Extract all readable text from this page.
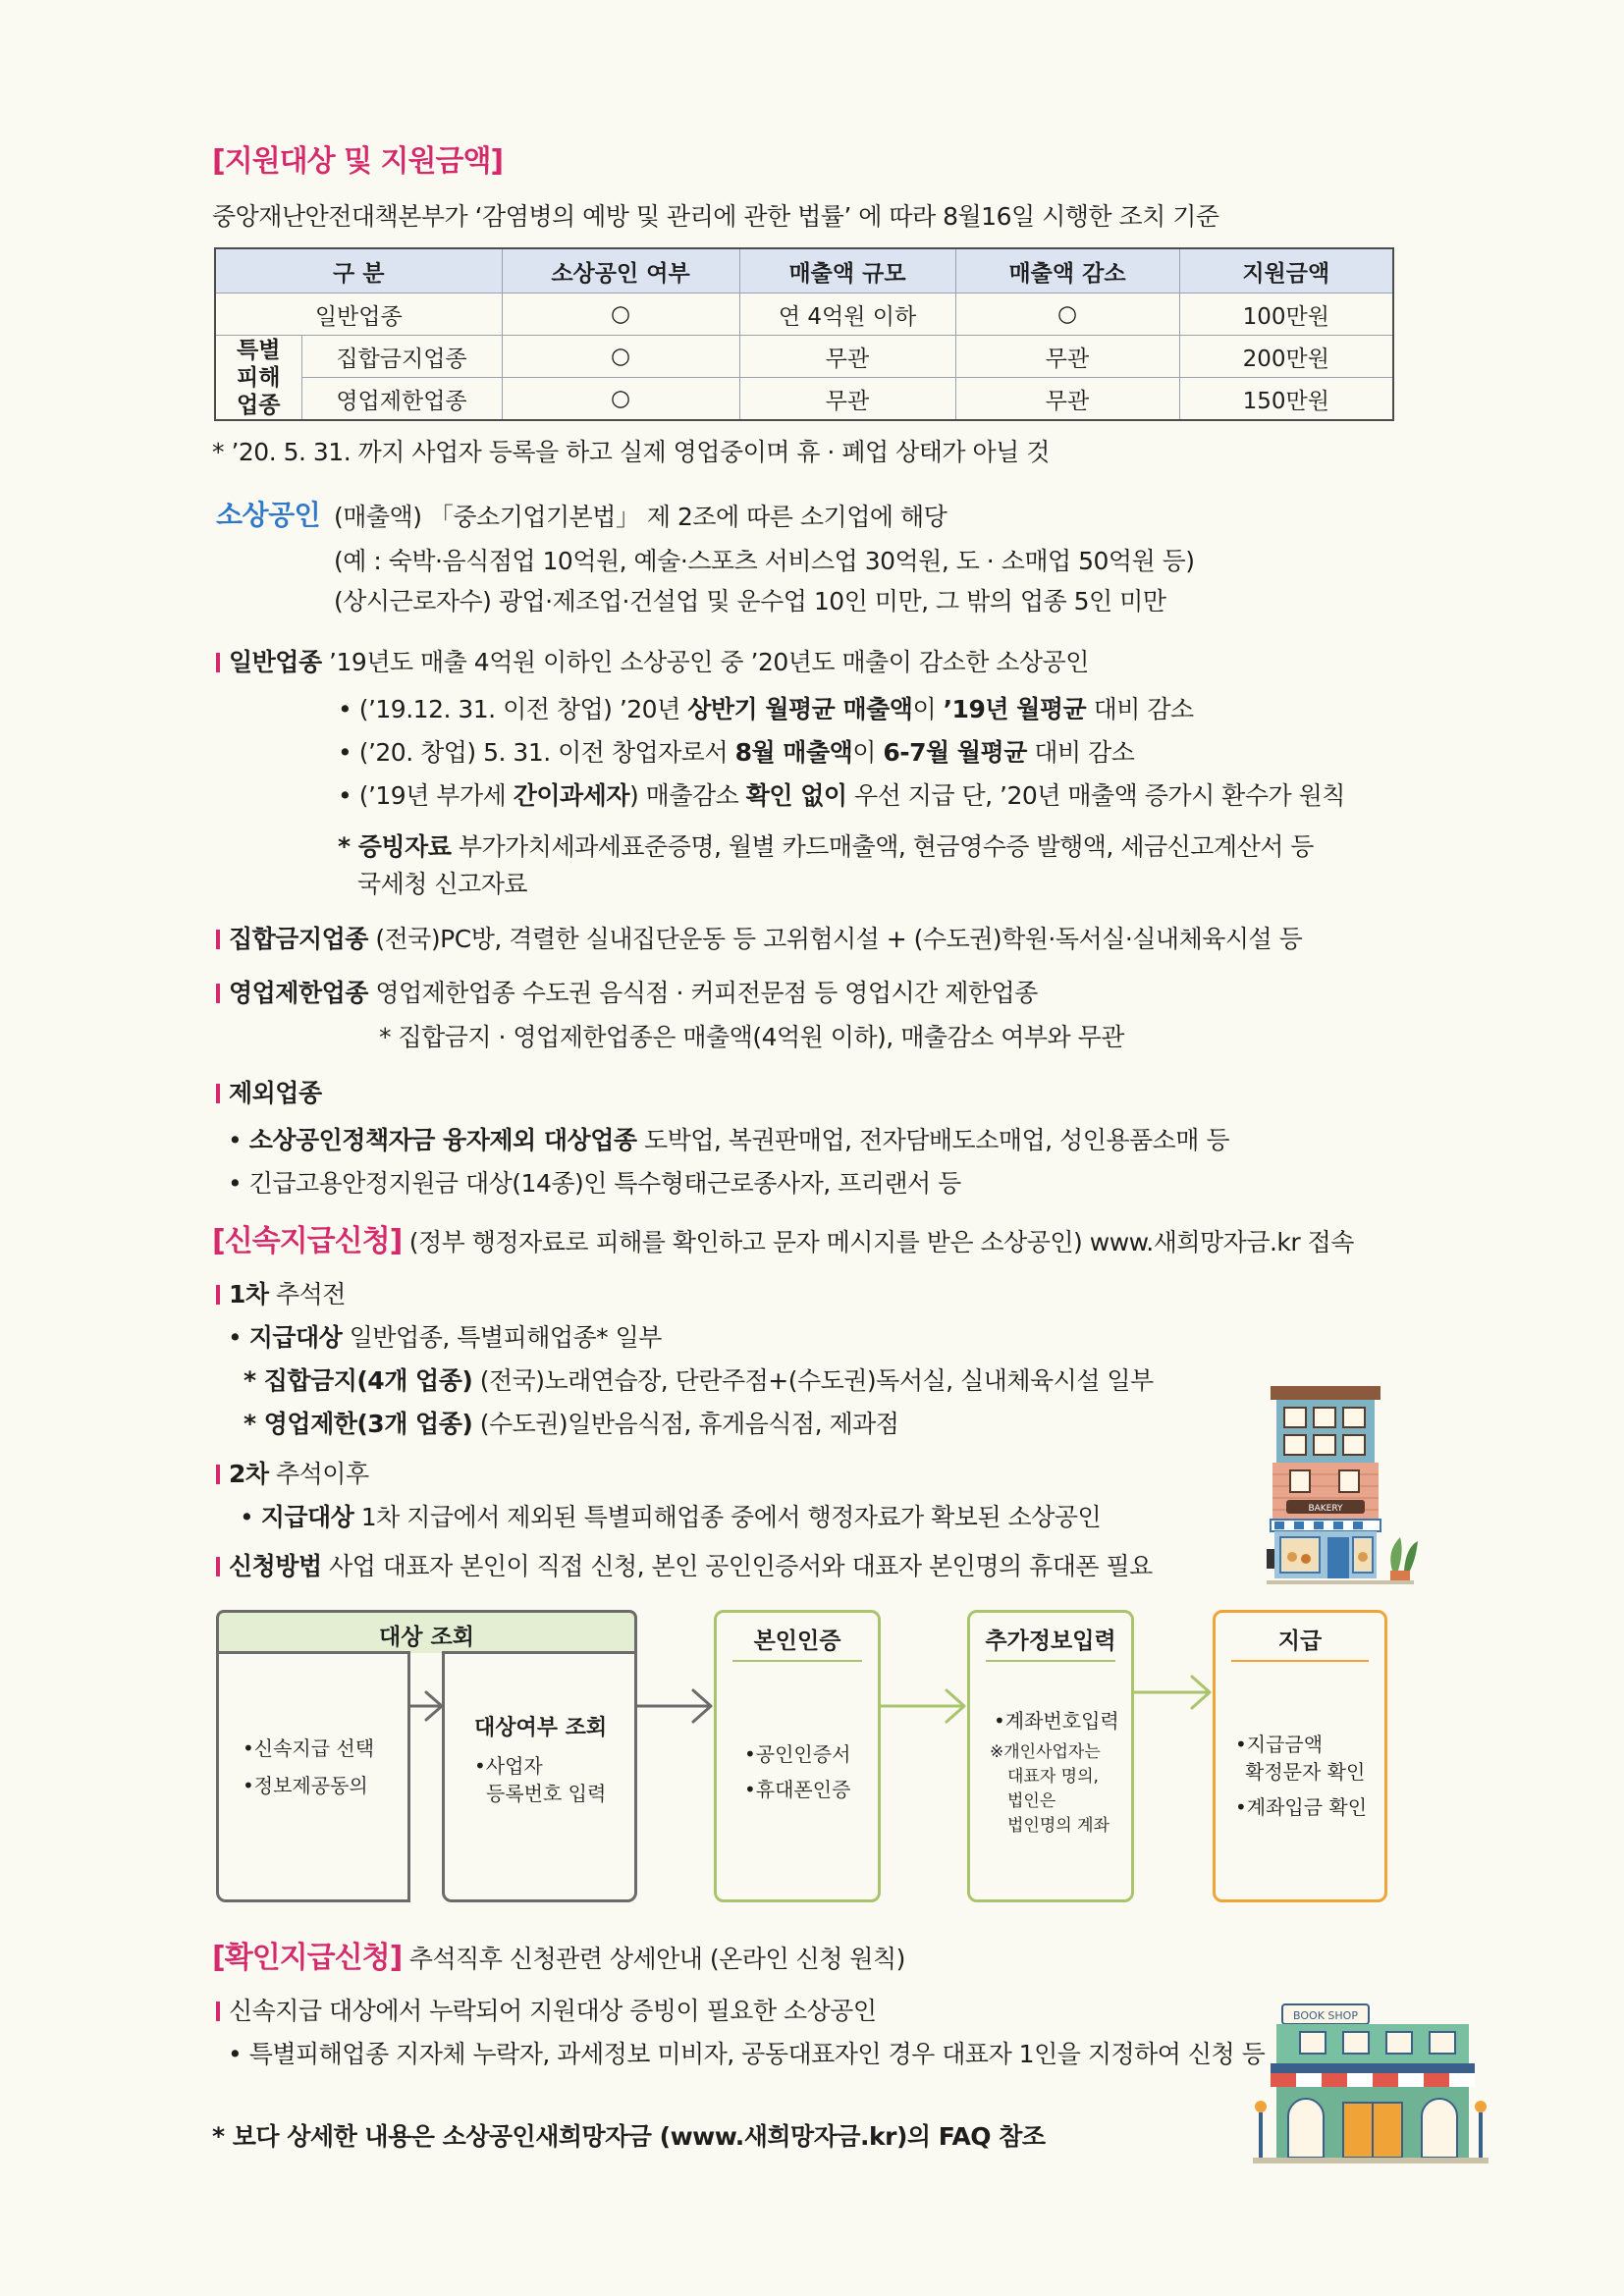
[지원대상 및 지원금액]
중앙재난안전대책본부가 ‘감염병의 예방 및 관리에 관한 법률’ 에 따라 8월16일 시행한 조치 기준
구 분		소상공인 여부	매출액 규모	매출액 감소	지원금액
일반업종		○	연 4억원 이하	○	100만원
특별
피해
업종	집합금지업종	○	무관	무관	200만원
	영업제한업종	○	무관	무관	150만원
* ’20. 5. 31. 까지 사업자 등록을 하고 실제 영업중이며 휴 · 폐업 상태가 아닐 것
소상공인 (매출액) 「중소기업기본법」 제 2조에 따른 소기업에 해당
(예 : 숙박·음식점업 10억원, 예술·스포츠 서비스업 30억원, 도 · 소매업 50억원 등)
(상시근로자수) 광업·제조업·건설업 및 운수업 10인 미만, 그 밖의 업종 5인 미만
일반업종 ’19년도 매출 4억원 이하인 소상공인 중 ’20년도 매출이 감소한 소상공인
• (’19.12. 31. 이전 창업) ’20년 상반기 월평균 매출액이 ’19년 월평균 대비 감소
• (’20. 창업) 5. 31. 이전 창업자로서 8월 매출액이 6-7월 월평균 대비 감소
• (’19년 부가세 간이과세자) 매출감소 확인 없이 우선 지급 단, ’20년 매출액 증가시 환수가 원칙
* 증빙자료 부가가치세과세표준증명, 월별 카드매출액, 현금영수증 발행액, 세금신고계산서 등
국세청 신고자료
집합금지업종 (전국)PC방, 격렬한 실내집단운동 등 고위험시설 + (수도권)학원·독서실·실내체육시설 등
영업제한업종 영업제한업종 수도권 음식점 · 커피전문점 등 영업시간 제한업종
* 집합금지 · 영업제한업종은 매출액(4억원 이하), 매출감소 여부와 무관
제외업종
• 소상공인정책자금 융자제외 대상업종 도박업, 복권판매업, 전자담배도소매업, 성인용품소매 등
• 긴급고용안정지원금 대상(14종)인 특수형태근로종사자, 프리랜서 등
[신속지급신청] (정부 행정자료로 피해를 확인하고 문자 메시지를 받은 소상공인) www.새희망자금.kr 접속
1차 추석전
• 지급대상 일반업종, 특별피해업종* 일부
* 집합금지(4개 업종) (전국)노래연습장, 단란주점+(수도권)독서실, 실내체육시설 일부
* 영업제한(3개 업종) (수도권)일반음식점, 휴게음식점, 제과점
2차 추석이후
• 지급대상 1차 지급에서 제외된 특별피해업종 중에서 행정자료가 확보된 소상공인
신청방법 사업 대표자 본인이 직접 신청, 본인 공인인증서와 대표자 본인명의 휴대폰 필요
대상 조회
•신속지급 선택
•정보제공동의
대상여부 조회
•사업자
등록번호 입력
본인인증
•공인인증서
•휴대폰인증
추가정보입력
•계좌번호입력
※개인사업자는
대표자 명의,
법인은
법인명의 계좌
지급
•지급금액
확정문자 확인
•계좌입금 확인
[확인지급신청] 추석직후 신청관련 상세안내 (온라인 신청 원칙)
신속지급 대상에서 누락되어 지원대상 증빙이 필요한 소상공인
• 특별피해업종 지자체 누락자, 과세정보 미비자, 공동대표자인 경우 대표자 1인을 지정하여 신청 등
* 보다 상세한 내용은 소상공인새희망자금 (www.새희망자금.kr)의 FAQ 참조
BAKERY
BOOK SHOP
